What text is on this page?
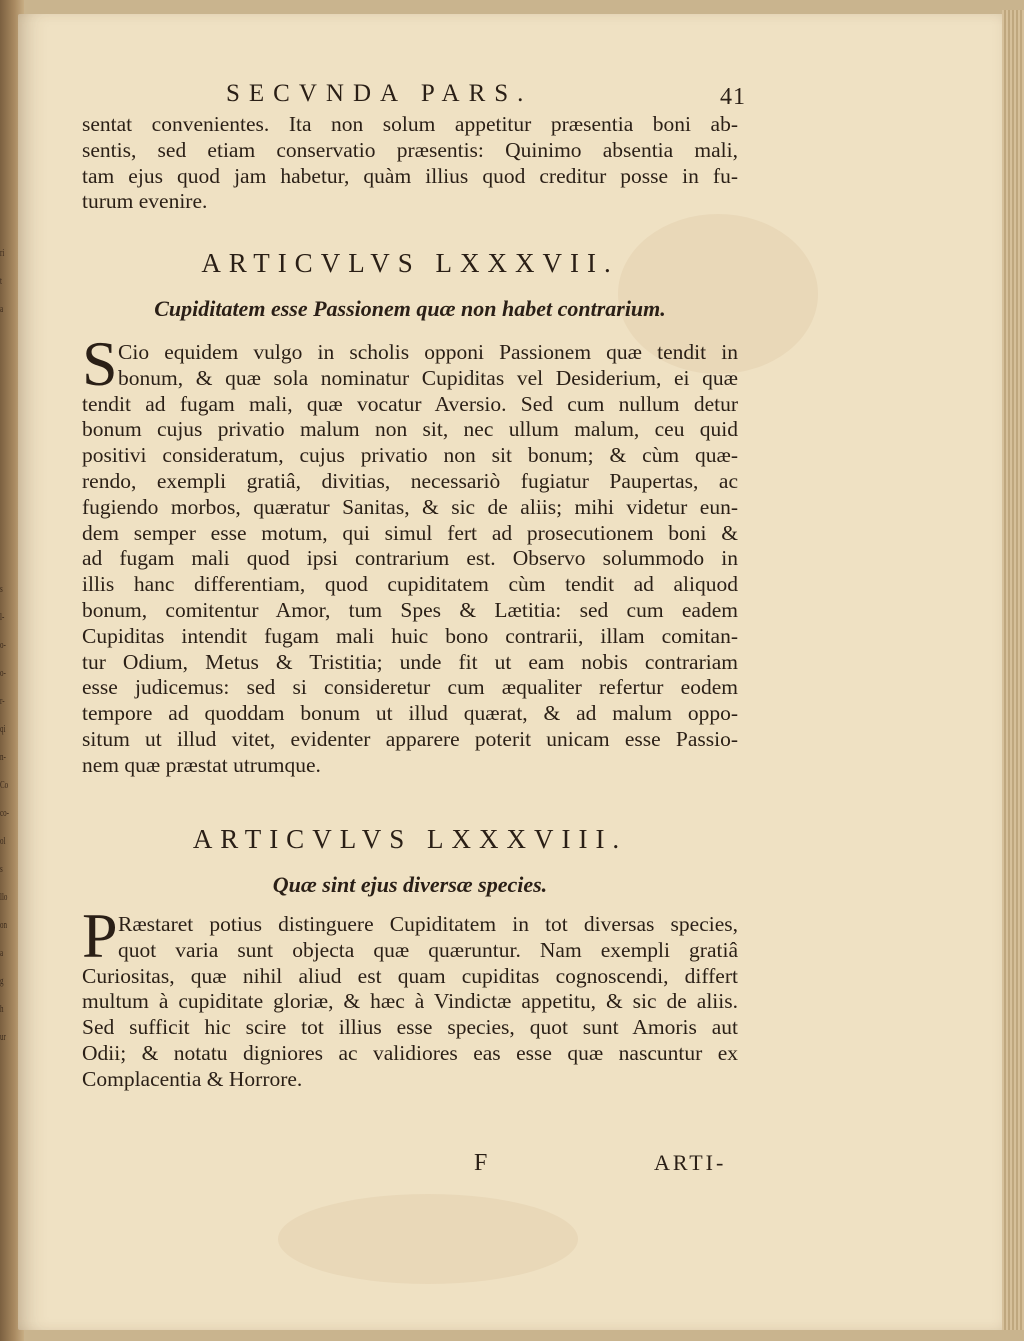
ri
t
a

s
l-
o-
o-
r-
qi
n-
Co
co-
ol
s
llo
on
a
g
h
ur
SECVNDA PARS.	41
sentat convenientes. Ita non solum appetitur præsentia boni ab-
sentis, sed etiam conservatio præsentis: Quinimo absentia mali,
tam ejus quod jam habetur, quàm illius quod creditur posse in fu-
turum evenire.
ARTICVLVS LXXXVII.
Cupiditatem esse Passionem quæ non habet contrarium.
S Cio equidem vulgo in scholis opponi Passionem quæ tendit in
bonum, & quæ sola nominatur Cupiditas vel Desiderium, ei quæ
tendit ad fugam mali, quæ vocatur Aversio. Sed cum nullum detur
bonum cujus privatio malum non sit, nec ullum malum, ceu quid
positivi consideratum, cujus privatio non sit bonum; & cùm quæ-
rendo, exempli gratiâ, divitias, necessariò fugiatur Paupertas, ac
fugiendo morbos, quæratur Sanitas, & sic de aliis; mihi videtur eun-
dem semper esse motum, qui simul fert ad prosecutionem boni &
ad fugam mali quod ipsi contrarium est. Observo solummodo in
illis hanc differentiam, quod cupiditatem cùm tendit ad aliquod
bonum, comitentur Amor, tum Spes & Lætitia: sed cum eadem
Cupiditas intendit fugam mali huic bono contrarii, illam comitan-
tur Odium, Metus & Tristitia; unde fit ut eam nobis contrariam
esse judicemus: sed si consideretur cum æqualiter refertur eodem
tempore ad quoddam bonum ut illud quærat, & ad malum oppo-
situm ut illud vitet, evidenter apparere poterit unicam esse Passio-
nem quæ præstat utrumque.
ARTICVLVS LXXXVIII.
Quæ sint ejus diversæ species.
P Ræstaret potius distinguere Cupiditatem in tot diversas species,
quot varia sunt objecta quæ quæruntur. Nam exempli gratiâ
Curiositas, quæ nihil aliud est quam cupiditas cognoscendi, differt
multum à cupiditate gloriæ, & hæc à Vindictæ appetitu, & sic de aliis.
Sed sufficit hic scire tot illius esse species, quot sunt Amoris aut
Odii; & notatu digniores ac validiores eas esse quæ nascuntur ex
Complacentia & Horrore.
F	ARTI-
